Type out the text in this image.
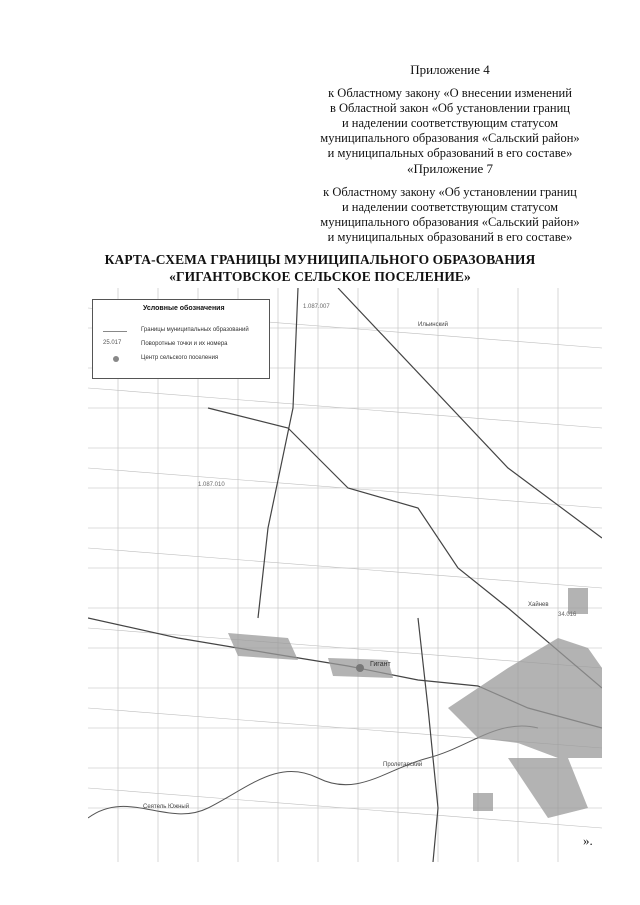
Приложение 4
к Областному закону «О внесении изменений
в Областной закон «Об установлении границ
и наделении соответствующим статусом
муниципального образования «Сальский район»
и муниципальных образований в его составе»
«Приложение 7
к Областному закону «Об установлении границ
и наделении соответствующим статусом
муниципального образования «Сальский район»
и муниципальных образований в его составе»
КАРТА-СХЕМА ГРАНИЦЫ МУНИЦИПАЛЬНОГО ОБРАЗОВАНИЯ
«ГИГАНТОВСКОЕ СЕЛЬСКОЕ ПОСЕЛЕНИЕ»
Гигант
Ильинский
Хайнев
Пролетарский
Сеятель Южный
1.087.007
1.087.010
34.016
Условные обозначения
Границы муниципальных образований
25.017	Поворотные точки и их номера
Центр сельского поселения
».
